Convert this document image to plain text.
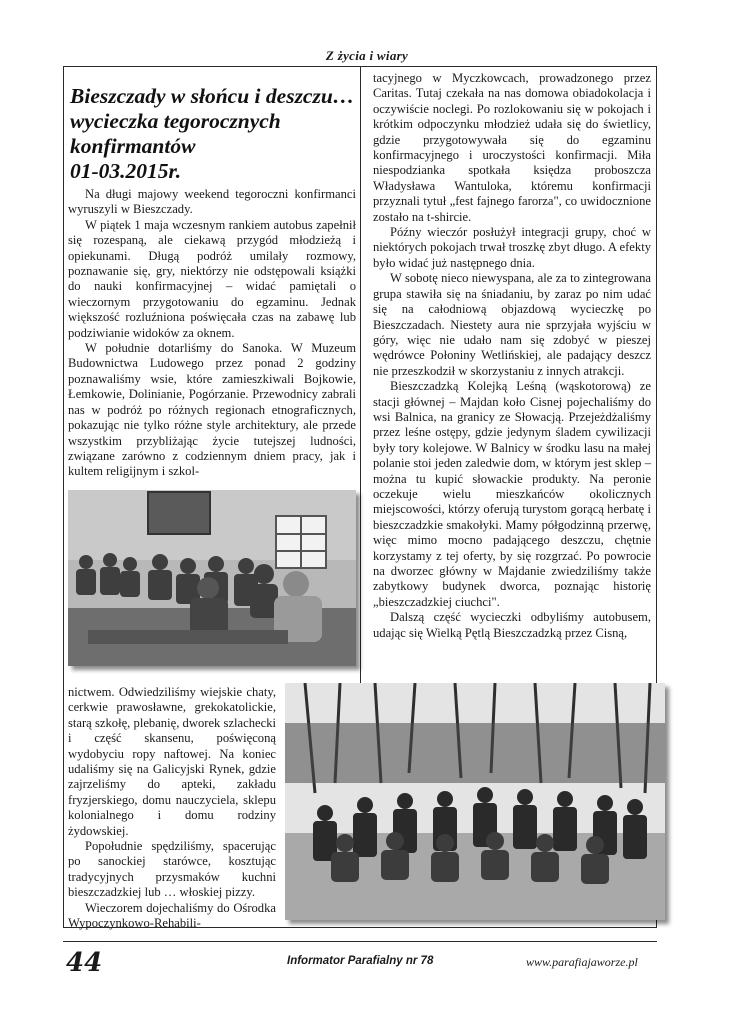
Z życia i wiary
Bieszczady w słońcu i deszczu…
wycieczka tegorocznych
konfirmantów
01-03.2015r.

Na długi majowy weekend tegoroczni konfirmanci wyruszyli w Bieszczady.

W piątek 1 maja wczesnym rankiem autobus zapełnił się rozespaną, ale ciekawą przygód młodzieżą i opiekunami. Długą podróż umilały rozmowy, poznawanie się, gry, niektórzy nie odstępowali książki do nauki konfirmacyjnej – widać pamiętali o wieczornym przygotowaniu do egzaminu. Jednak większość rozluźniona poświęcała czas na zabawę lub podziwianie widoków za oknem.

W południe dotarliśmy do Sanoka. W Muzeum Budownictwa Ludowego przez ponad 2 godziny poznawaliśmy wsie, które zamieszkiwali Bojkowie, Łemkowie, Dolinianie, Pogórzanie. Przewodnicy zabrali nas w podróż po różnych regionach etnograficznych, pokazując nie tylko różne style architektury, ale przede wszystkim przybliżając życie tutejszej ludności, związane zarówno z codziennym dniem pracy, jak i kultem religijnym i szkol-

nictwem. Odwiedziliśmy wiejskie chaty, cerkwie prawosławne, grekokatolickie, starą szkołę, plebanię, dworek szlachecki i część skansenu, poświęconą wydobyciu ropy naftowej. Na koniec udaliśmy się na Galicyjski Rynek, gdzie zajrzeliśmy do apteki, zakładu fryzjerskiego, domu nauczyciela, sklepu kolonialnego i domu rodziny żydowskiej.

Popołudnie spędziliśmy, spacerując po sanockiej starówce, kosztując tradycyjnych przysmaków kuchni bieszczadzkiej lub … włoskiej pizzy.

Wieczorem dojechaliśmy do Ośrodka Wypoczynkowo-Rehabili-

tacyjnego w Myczkowcach, prowadzonego przez Caritas. Tutaj czekała na nas domowa obiadokolacja i oczywiście noclegi. Po rozlokowaniu się w pokojach i krótkim odpoczynku młodzież udała się do świetlicy, gdzie przygotowywała się do egzaminu konfirmacyjnego i uroczystości konfirmacji. Miła niespodzianka spotkała księdza proboszcza Władysława Wantuloka, któremu konfirmacji przyznali tytuł „fest fajnego farorza", co uwidocznione zostało na t-shircie.

Późny wieczór posłużył integracji grupy, choć w niektórych pokojach trwał troszkę zbyt długo. A efekty było widać już następnego dnia.

W sobotę nieco niewyspana, ale za to zintegrowana grupa stawiła się na śniadaniu, by zaraz po nim udać się na całodniową objazdową wycieczkę po Bieszczadach. Niestety aura nie sprzyjała wyjściu w góry, więc nie udało nam się zdobyć w pieszej wędrówce Połoniny Wetlińskiej, ale padający deszcz nie przeszkodził w skorzystaniu z innych atrakcji.

Bieszczadzką Kolejką Leśną (wąskotorową) ze stacji głównej – Majdan koło Cisnej pojechaliśmy do wsi Balnica, na granicy ze Słowacją. Przejeżdżaliśmy przez leśne ostępy, gdzie jedynym śladem cywilizacji były tory kolejowe. W Balnicy w środku lasu na małej polanie stoi jeden zaledwie dom, w którym jest sklep – można tu kupić słowackie produkty. Na peronie oczekuje wielu mieszkańców okolicznych miejscowości, którzy oferują turystom gorącą herbatę i bieszczadzkie smakołyki. Mamy półgodzinną przerwę, więc mimo mocno padającego deszczu, chętnie korzystamy z tej oferty, by się rozgrzać. Po powrocie na dworzec główny w Majdanie zwiedziliśmy także zabytkowy budynek dworca, poznając historię „bieszczadzkiej ciuchci".

Dalszą część wycieczki odbyliśmy autobusem, udając się Wielką Pętlą Bieszczadzką przez Cisną,

44	Informator Parafialny nr 78	www.parafiajaworze.pl
